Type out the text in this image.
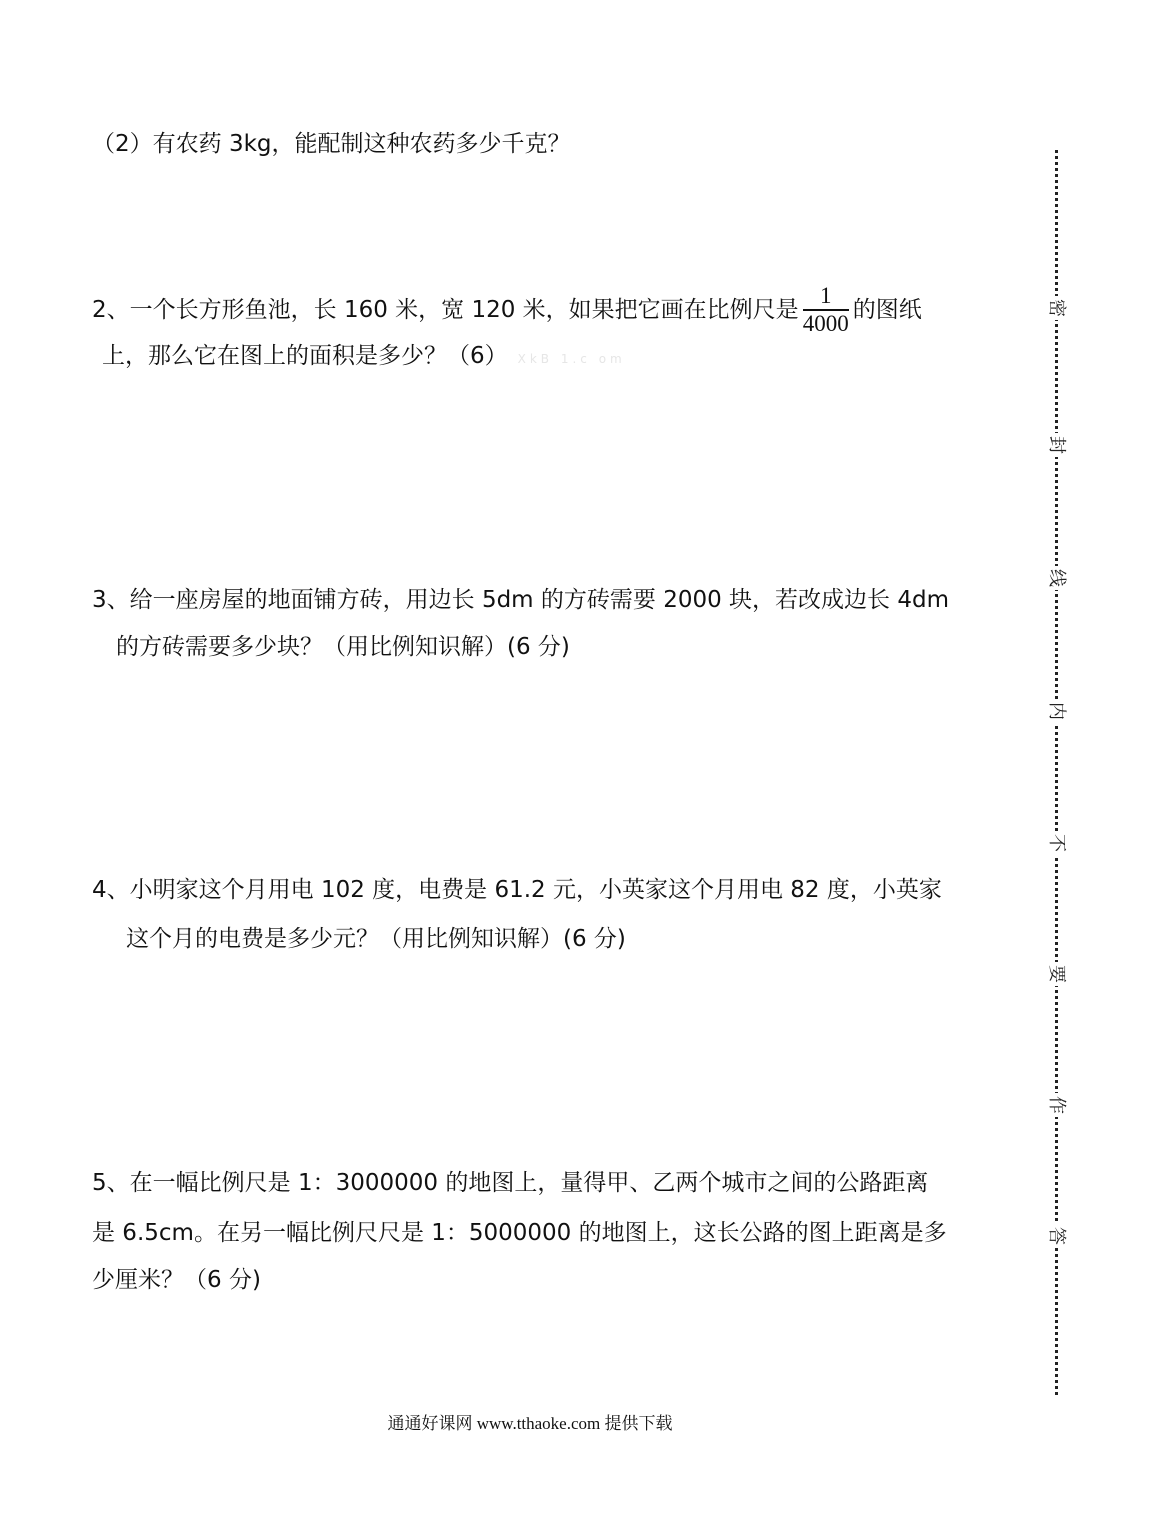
（2）有农药 3kg，能配制这种农药多少千克？
2、一个长方形鱼池，长 160 米，宽 120 米，如果把它画在比例尺是 $\frac{1}{4000}$ 的图纸
上，那么它在图上的面积是多少？（6） XkB 1.c om
3、给一座房屋的地面铺方砖，用边长 5dm 的方砖需要 2000 块，若改成边长 4dm
的方砖需要多少块？（用比例知识解）(6 分)
4、小明家这个月用电 102 度，电费是 61.2 元，小英家这个月用电 82 度，小英家
这个月的电费是多少元？（用比例知识解）(6 分)
5、在一幅比例尺是 1：3000000 的地图上，量得甲、乙两个城市之间的公路距离
是 6.5cm。在另一幅比例尺尺是 1：5000000 的地图上，这长公路的图上距离是多
少厘米？（6 分)
密
封
线
内
不
要
作
答
通通好课网 www.tthaoke.com 提供下载
